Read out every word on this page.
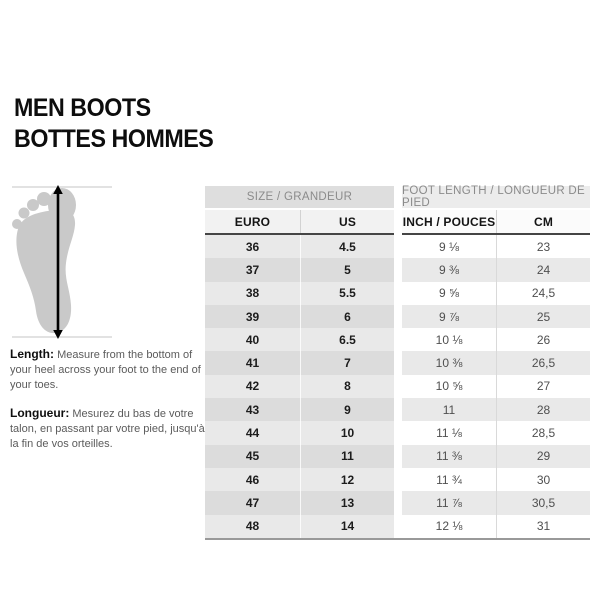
MEN BOOTS
BOTTES HOMMES

Length: Measure from the bottom of your heel across your foot to the end of your toes.

Longueur: Mesurez du bas de votre talon, en passant par votre pied, jusqu'à la fin de vos orteilles.

SIZE / GRANDEUR	FOOT LENGTH / LONGUEUR DE PIED
EURO	US	INCH / POUCES	CM
36	4.5	9 ⅛	23
37	5	9 ⅜	24
38	5.5	9 ⅝	24,5
39	6	9 ⅞	25
40	6.5	10 ⅛	26
41	7	10 ⅜	26,5
42	8	10 ⅝	27
43	9	11	28
44	10	11 ⅛	28,5
45	11	11 ⅜	29
46	12	11 ¾	30
47	13	11 ⅞	30,5
48	14	12 ⅛	31
